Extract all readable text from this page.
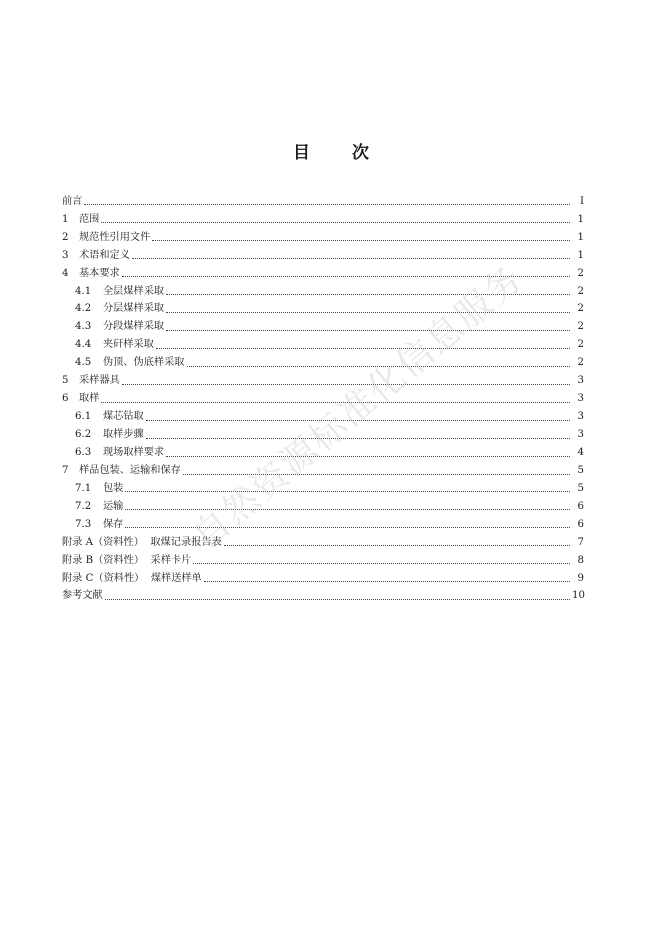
目 次
前言	Ⅰ
1	范围	1
2	规范性引用文件	1
3	术语和定义	1
4	基本要求	2
4.1	全层煤样采取	2
4.2	分层煤样采取	2
4.3	分段煤样采取	2
4.4	夹矸样采取	2
4.5	伪顶、伪底样采取	2
5	采样器具	3
6	取样	3
6.1	煤芯钻取	3
6.2	取样步骤	3
6.3	现场取样要求	4
7	样品包装、运输和保存	5
7.1	包装	5
7.2	运输	6
7.3	保存	6
附录 A（资料性）  取煤记录报告表	7
附录 B（资料性）  采样卡片	8
附录 C（资料性）  煤样送样单	9
参考文献	10
自然资源标准化信息服务
